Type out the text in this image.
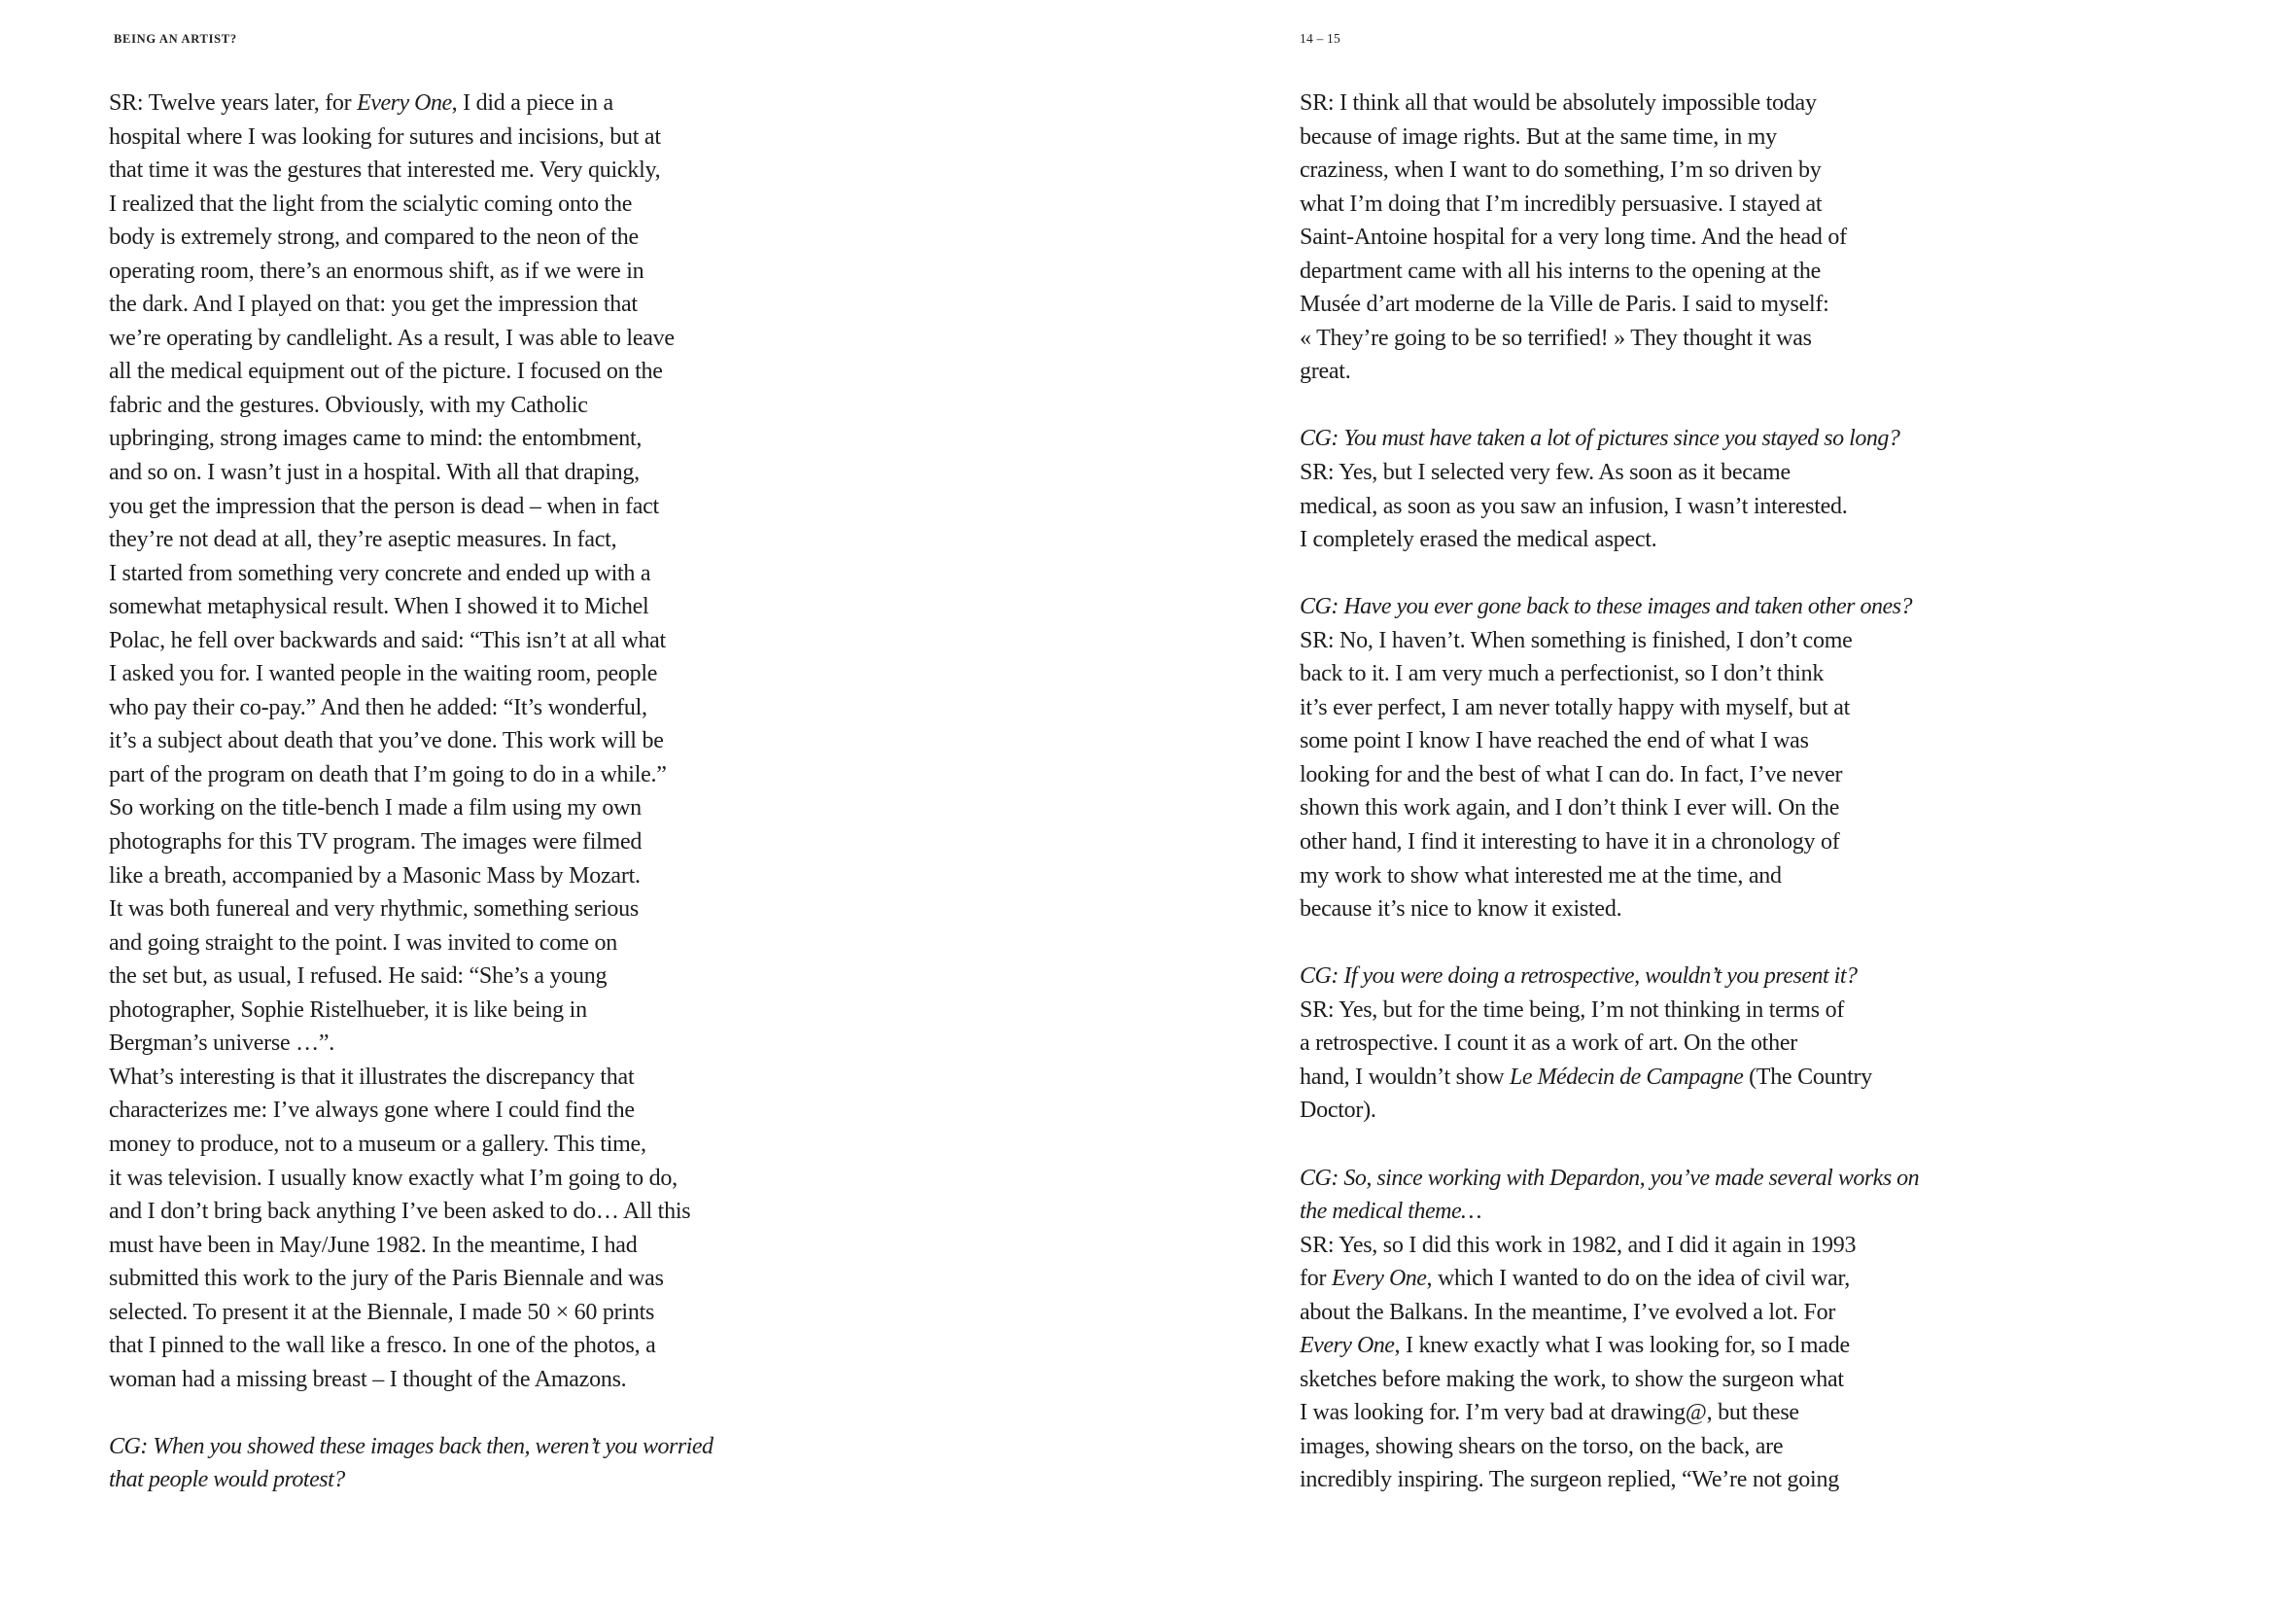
BEING AN ARTIST?	14 – 15
SR: Twelve years later, for Every One, I did a piece in a
hospital where I was looking for sutures and incisions, but at
that time it was the gestures that interested me. Very quickly,
I realized that the light from the scialytic coming onto the
body is extremely strong, and compared to the neon of the
operating room, there’s an enormous shift, as if we were in
the dark. And I played on that: you get the impression that
we’re operating by candlelight. As a result, I was able to leave
all the medical equipment out of the picture. I focused on the
fabric and the gestures. Obviously, with my Catholic
upbringing, strong images came to mind: the entombment,
and so on. I wasn’t just in a hospital. With all that draping,
you get the impression that the person is dead – when in fact
they’re not dead at all, they’re aseptic measures. In fact,
I started from something very concrete and ended up with a
somewhat metaphysical result. When I showed it to Michel
Polac, he fell over backwards and said: “This isn’t at all what
I asked you for. I wanted people in the waiting room, people
who pay their co-pay.” And then he added: “It’s wonderful,
it’s a subject about death that you’ve done. This work will be
part of the program on death that I’m going to do in a while.”
So working on the title-bench I made a film using my own
photographs for this TV program. The images were filmed
like a breath, accompanied by a Masonic Mass by Mozart.
It was both funereal and very rhythmic, something serious
and going straight to the point. I was invited to come on
the set but, as usual, I refused. He said: “She’s a young
photographer, Sophie Ristelhueber, it is like being in
Bergman’s universe …”.
What’s interesting is that it illustrates the discrepancy that
characterizes me: I’ve always gone where I could find the
money to produce, not to a museum or a gallery. This time,
it was television. I usually know exactly what I’m going to do,
and I don’t bring back anything I’ve been asked to do… All this
must have been in May/June 1982. In the meantime, I had
submitted this work to the jury of the Paris Biennale and was
selected. To present it at the Biennale, I made 50 × 60 prints
that I pinned to the wall like a fresco. In one of the photos, a
woman had a missing breast – I thought of the Amazons.

CG: When you showed these images back then, weren’t you worried
that people would protest?
SR: I think all that would be absolutely impossible today
because of image rights. But at the same time, in my
craziness, when I want to do something, I’m so driven by
what I’m doing that I’m incredibly persuasive. I stayed at
Saint-Antoine hospital for a very long time. And the head of
department came with all his interns to the opening at the
Musée d’art moderne de la Ville de Paris. I said to myself:
« They’re going to be so terrified! » They thought it was
great.

CG: You must have taken a lot of pictures since you stayed so long?
SR: Yes, but I selected very few. As soon as it became
medical, as soon as you saw an infusion, I wasn’t interested.
I completely erased the medical aspect.

CG: Have you ever gone back to these images and taken other ones?
SR: No, I haven’t. When something is finished, I don’t come
back to it. I am very much a perfectionist, so I don’t think
it’s ever perfect, I am never totally happy with myself, but at
some point I know I have reached the end of what I was
looking for and the best of what I can do. In fact, I’ve never
shown this work again, and I don’t think I ever will. On the
other hand, I find it interesting to have it in a chronology of
my work to show what interested me at the time, and
because it’s nice to know it existed.

CG: If you were doing a retrospective, wouldn’t you present it?
SR: Yes, but for the time being, I’m not thinking in terms of
a retrospective. I count it as a work of art. On the other
hand, I wouldn’t show Le Médecin de Campagne (The Country
Doctor).

CG: So, since working with Depardon, you’ve made several works on
the medical theme…
SR: Yes, so I did this work in 1982, and I did it again in 1993
for Every One, which I wanted to do on the idea of civil war,
about the Balkans. In the meantime, I’ve evolved a lot. For
Every One, I knew exactly what I was looking for, so I made
sketches before making the work, to show the surgeon what
I was looking for. I’m very bad at drawing@, but these
images, showing shears on the torso, on the back, are
incredibly inspiring. The surgeon replied, “We’re not going
